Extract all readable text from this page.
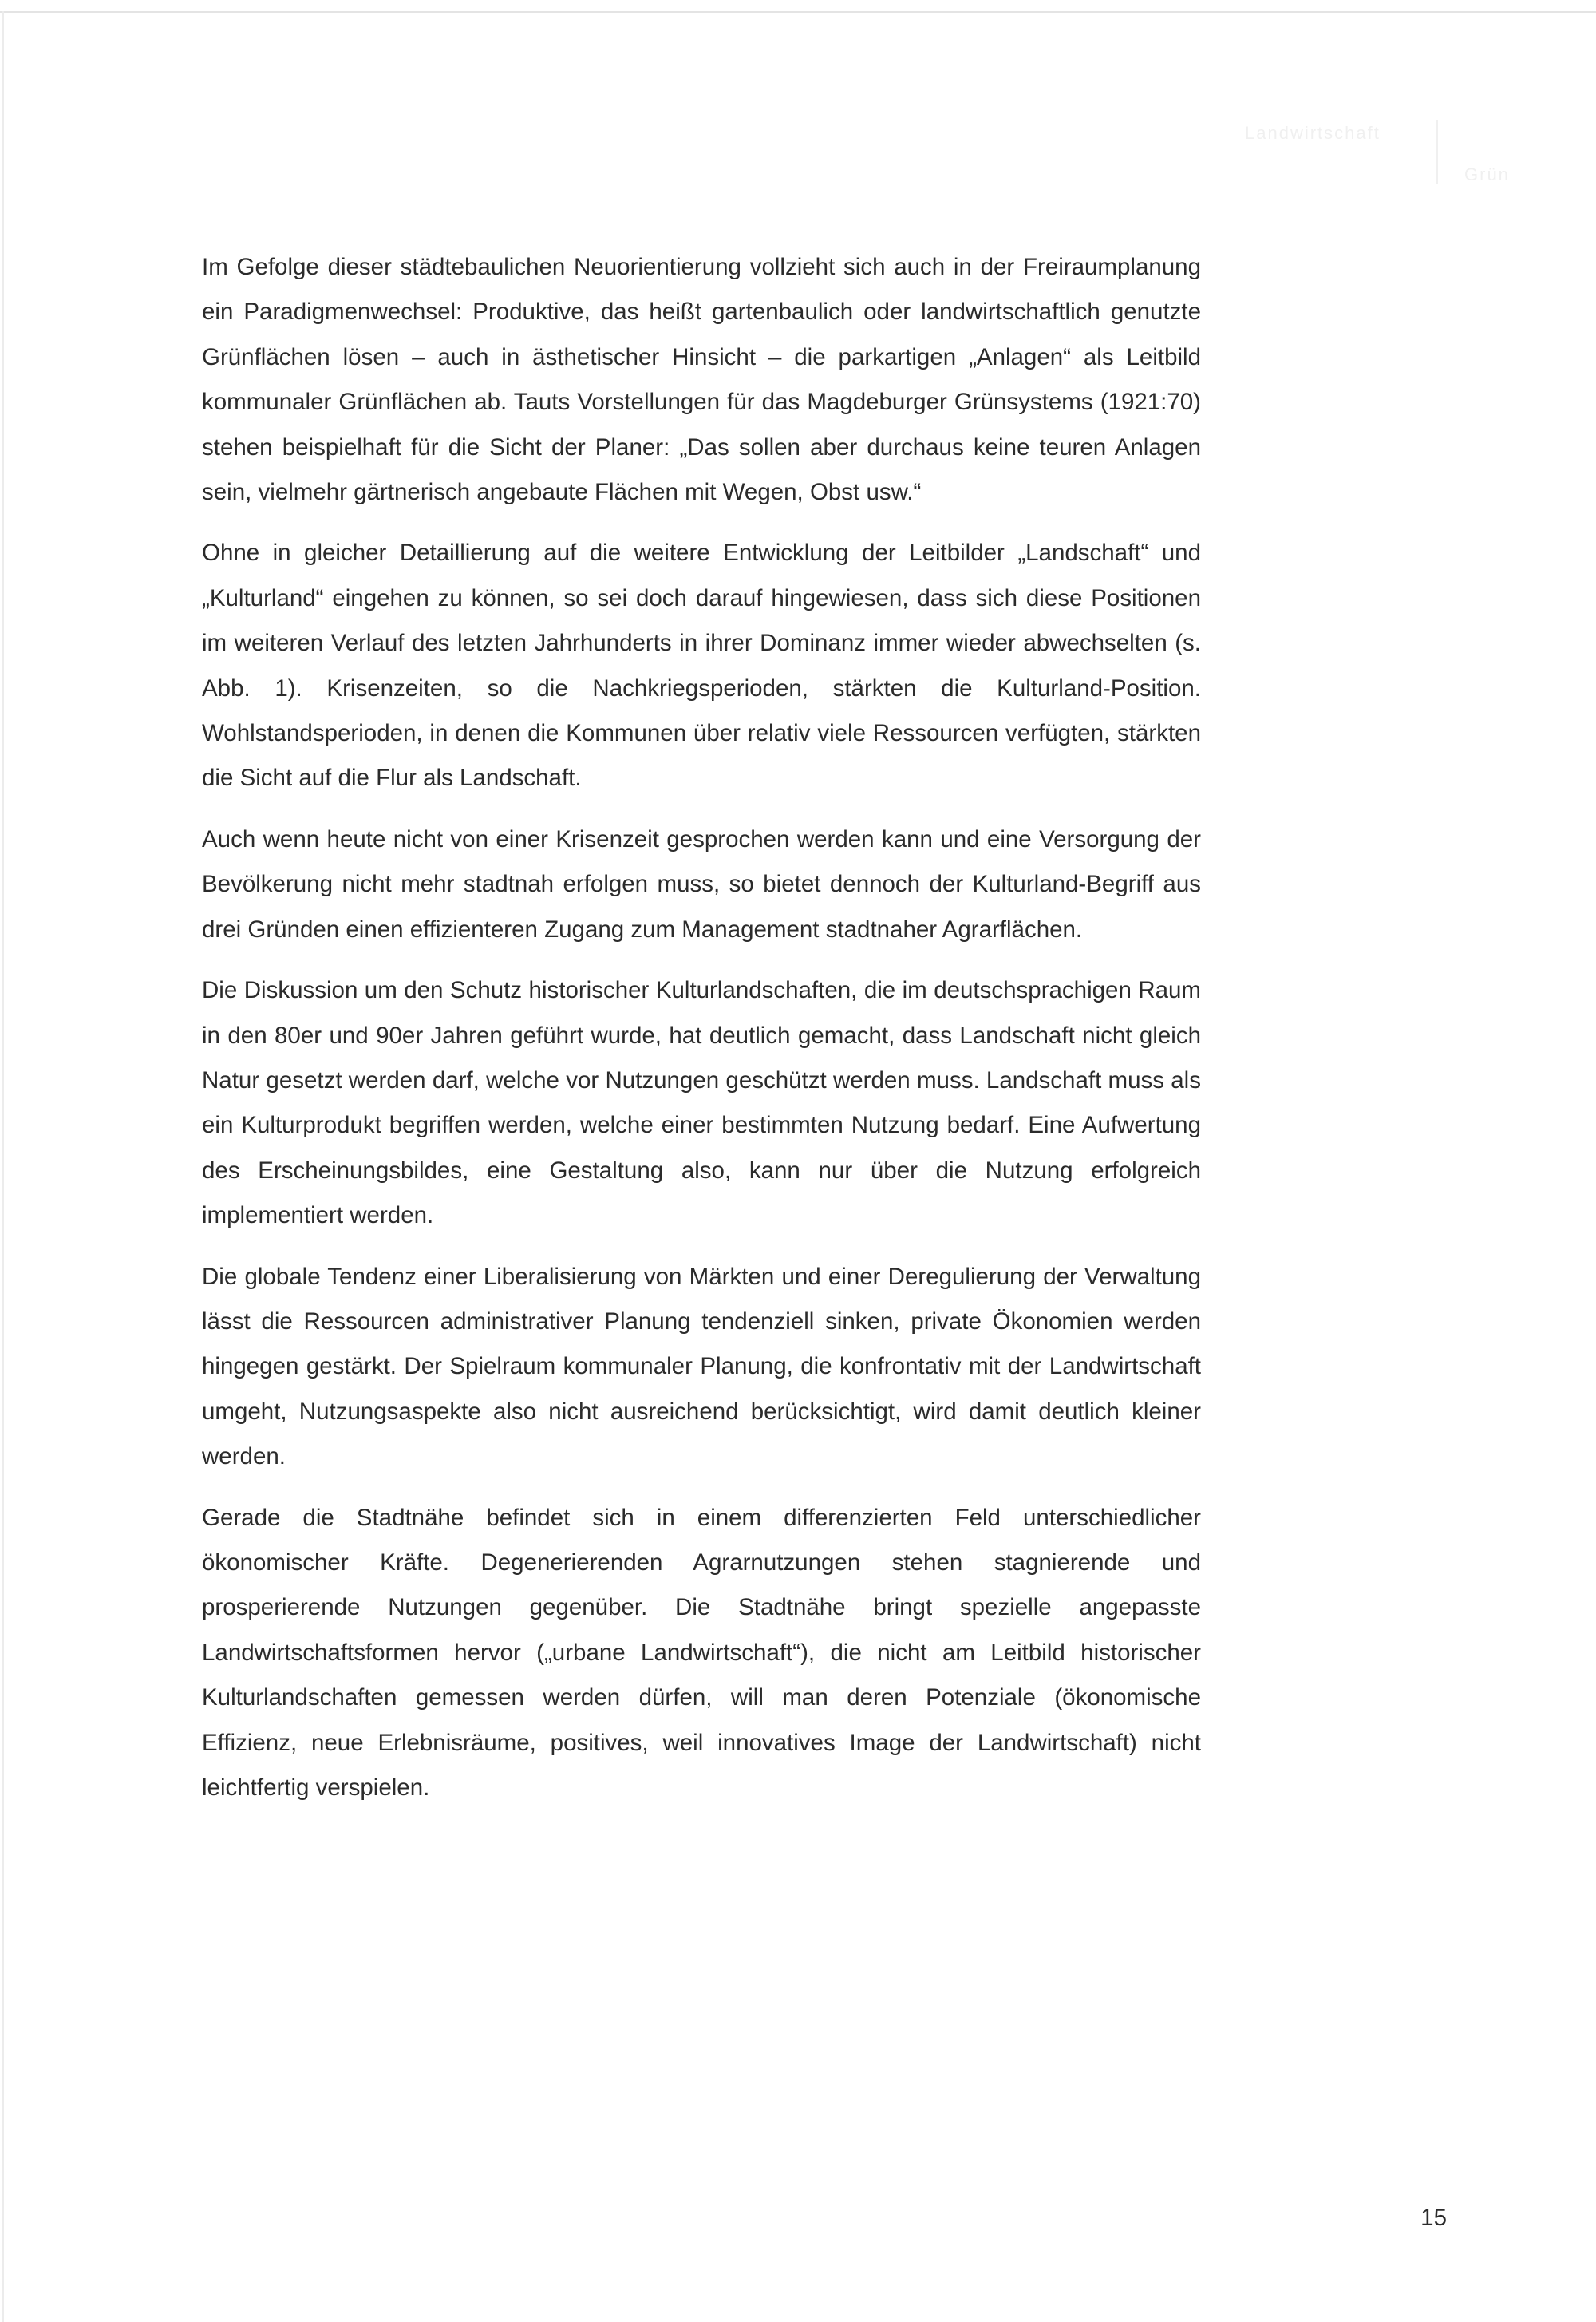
Landwirtschaft
Grün

Im Gefolge dieser städtebaulichen Neuorientierung vollzieht sich auch in der Freiraumplanung ein Paradigmenwechsel: Produktive, das heißt gartenbaulich oder landwirtschaftlich genutzte Grünflächen lösen – auch in ästhetischer Hinsicht – die parkartigen „Anlagen“ als Leitbild kommunaler Grünflächen ab. Tauts Vorstellungen für das Magdeburger Grünsystems (1921:70) stehen beispielhaft für die Sicht der Planer: „Das sollen aber durchaus keine teuren Anlagen sein, vielmehr gärtnerisch angebaute Flächen mit Wegen, Obst usw.“

Ohne in gleicher Detaillierung auf die weitere Entwicklung der Leitbilder „Landschaft“ und „Kulturland“ eingehen zu können, so sei doch darauf hingewiesen, dass sich diese Positionen im weiteren Verlauf des letzten Jahrhunderts in ihrer Dominanz immer wieder abwechselten (s. Abb. 1). Krisenzeiten, so die Nachkriegsperioden, stärkten die Kulturland-Position. Wohlstandsperioden, in denen die Kommunen über relativ viele Ressourcen verfügten, stärkten die Sicht auf die Flur als Landschaft.

Auch wenn heute nicht von einer Krisenzeit gesprochen werden kann und eine Versorgung der Bevölkerung nicht mehr stadtnah erfolgen muss, so bietet dennoch der Kulturland-Begriff aus drei Gründen einen effizienteren Zugang zum Management stadtnaher Agrarflächen.

Die Diskussion um den Schutz historischer Kulturlandschaften, die im deutschsprachigen Raum in den 80er und 90er Jahren geführt wurde, hat deutlich gemacht, dass Landschaft nicht gleich Natur gesetzt werden darf, welche vor Nutzungen geschützt werden muss. Landschaft muss als ein Kulturprodukt begriffen werden, welche einer bestimmten Nutzung bedarf. Eine Aufwertung des Erscheinungsbildes, eine Gestaltung also, kann nur über die Nutzung erfolgreich implementiert werden.

Die globale Tendenz einer Liberalisierung von Märkten und einer Deregulierung der Verwaltung lässt die Ressourcen administrativer Planung tendenziell sinken, private Ökonomien werden hingegen gestärkt. Der Spielraum kommunaler Planung, die konfrontativ mit der Landwirtschaft umgeht, Nutzungsaspekte also nicht ausreichend berücksichtigt, wird damit deutlich kleiner werden.

Gerade die Stadtnähe befindet sich in einem differenzierten Feld unterschiedlicher ökonomischer Kräfte. Degenerierenden Agrarnutzungen stehen stagnierende und prosperierende Nutzungen gegenüber. Die Stadtnähe bringt spezielle angepasste Landwirtschaftsformen hervor („urbane Landwirtschaft“), die nicht am Leitbild historischer Kulturlandschaften gemessen werden dürfen, will man deren Potenziale (ökonomische Effizienz, neue Erlebnisräume, positives, weil innovatives Image der Landwirtschaft) nicht leichtfertig verspielen.

15
